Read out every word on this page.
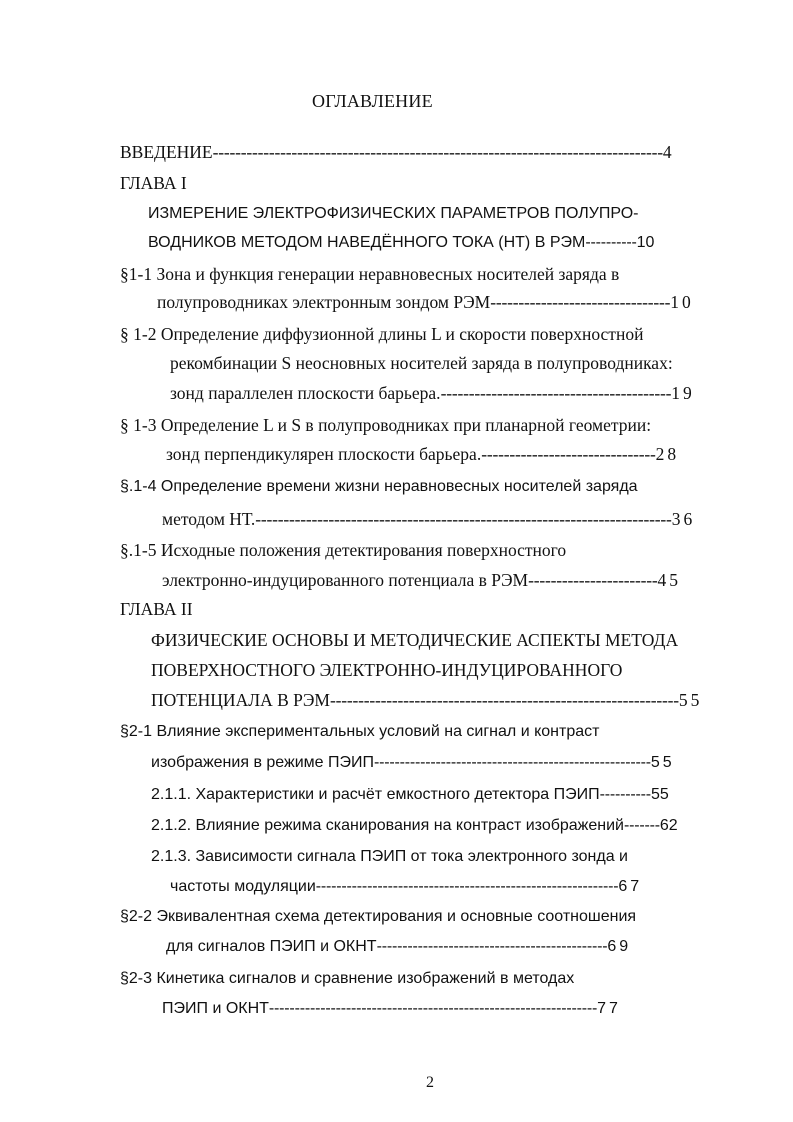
ОГЛАВЛЕНИЕ
ВВЕДЕНИЕ--------------------------------------------------------------------------------4
ГЛАВА I
ИЗМЕРЕНИЕ ЭЛЕКТРОФИЗИЧЕСКИХ ПАРАМЕТРОВ ПОЛУПРО-
ВОДНИКОВ МЕТОДОМ НАВЕДЁННОГО ТОКА (НТ) В РЭМ----------10
§1-1 Зона и функция генерации неравновесных носителей заряда в
полупроводниках электронным зондом РЭМ--------------------------------10
§ 1-2 Определение диффузионной длины L и скорости поверхностной
рекомбинации S неосновных носителей заряда в полупроводниках:
зонд параллелен плоскости барьера.-----------------------------------------19
§ 1-3 Определение L и S в полупроводниках при планарной геометрии:
зонд перпендикулярен плоскости барьера.-------------------------------28
§.1-4 Определение времени жизни неравновесных носителей заряда
методом НТ.--------------------------------------------------------------------------36
§.1-5 Исходные положения детектирования поверхностного
электронно-индуцированного потенциала в РЭМ-----------------------45
ГЛАВА II
ФИЗИЧЕСКИЕ ОСНОВЫ И МЕТОДИЧЕСКИЕ АСПЕКТЫ МЕТОДА
ПОВЕРХНОСТНОГО ЭЛЕКТРОННО-ИНДУЦИРОВАННОГО
ПОТЕНЦИАЛА В РЭМ--------------------------------------------------------------55
§2-1 Влияние экспериментальных условий на сигнал и контраст
изображения в режиме ПЭИП------------------------------------------------------55
2.1.1. Характеристики и расчёт емкостного детектора ПЭИП----------55
2.1.2. Влияние режима сканирования на контраст изображений-------62
2.1.3. Зависимости сигнала ПЭИП от тока электронного зонда и
частоты модуляции-----------------------------------------------------------67
§2-2 Эквивалентная схема детектирования и основные соотношения
для сигналов ПЭИП и ОКНТ---------------------------------------------69
§2-3 Кинетика сигналов и сравнение изображений в методах
ПЭИП и ОКНТ----------------------------------------------------------------77
2
